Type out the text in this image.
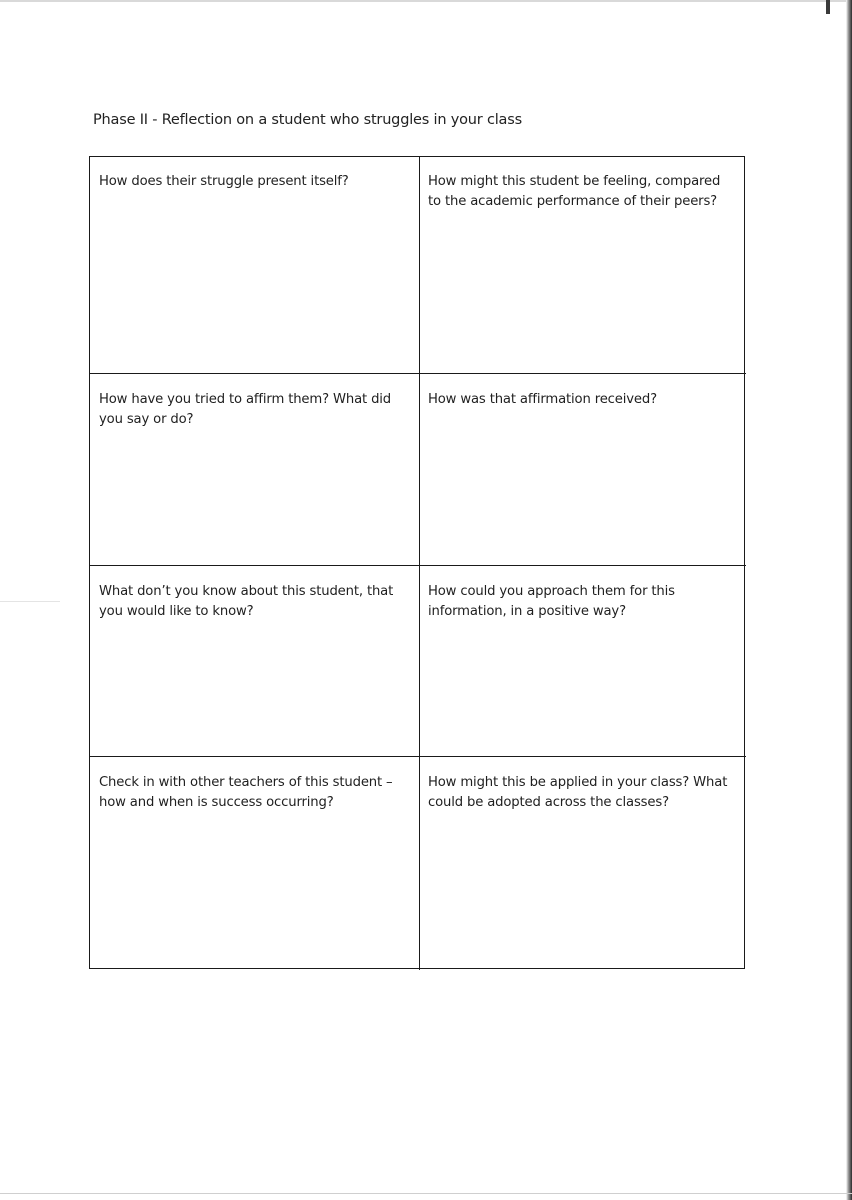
Phase II - Reflection on a student who struggles in your class
How does their struggle present itself?	How might this student be feeling, compared to the academic performance of their peers?
How have you tried to affirm them? What did you say or do?
How was that affirmation received?
What don’t you know about this student, that you would like to know?
How could you approach them for this information, in a positive way?
Check in with other teachers of this student – how and when is success occurring?
How might this be applied in your class? What could be adopted across the classes?
